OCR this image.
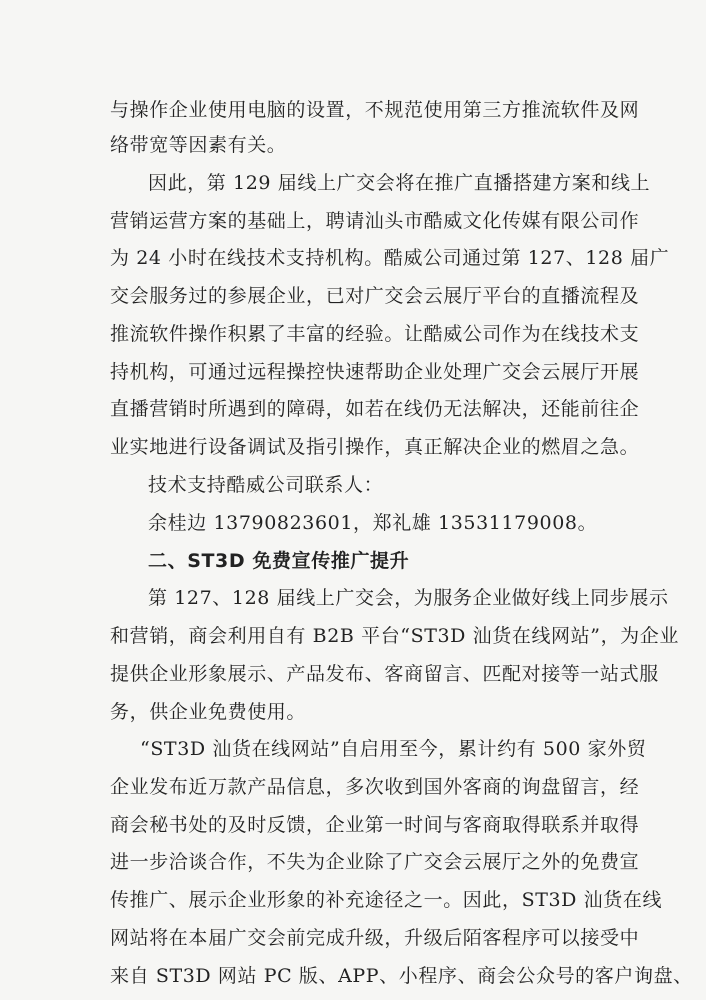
与操作企业使用电脑的设置，不规范使用第三方推流软件及网
络带宽等因素有关。
因此，第 129 届线上广交会将在推广直播搭建方案和线上
营销运营方案的基础上，聘请汕头市酷威文化传媒有限公司作
为 24 小时在线技术支持机构。酷威公司通过第 127、128 届广
交会服务过的参展企业，已对广交会云展厅平台的直播流程及
推流软件操作积累了丰富的经验。让酷威公司作为在线技术支
持机构，可通过远程操控快速帮助企业处理广交会云展厅开展
直播营销时所遇到的障碍，如若在线仍无法解决，还能前往企
业实地进行设备调试及指引操作，真正解决企业的燃眉之急。
技术支持酷威公司联系人：
余桂边 13790823601，郑礼雄 13531179008。
二、ST3D 免费宣传推广提升
第 127、128 届线上广交会，为服务企业做好线上同步展示
和营销，商会利用自有 B2B 平台“ST3D 汕货在线网站”，为企业
提供企业形象展示、产品发布、客商留言、匹配对接等一站式服
务，供企业免费使用。
“ST3D 汕货在线网站”自启用至今，累计约有 500 家外贸
企业发布近万款产品信息，多次收到国外客商的询盘留言，经
商会秘书处的及时反馈，企业第一时间与客商取得联系并取得
进一步洽谈合作，不失为企业除了广交会云展厅之外的免费宣
传推广、展示企业形象的补充途径之一。因此，ST3D 汕货在线
网站将在本届广交会前完成升级，升级后陌客程序可以接受中
来自 ST3D 网站 PC 版、APP、小程序、商会公众号的客户询盘、
